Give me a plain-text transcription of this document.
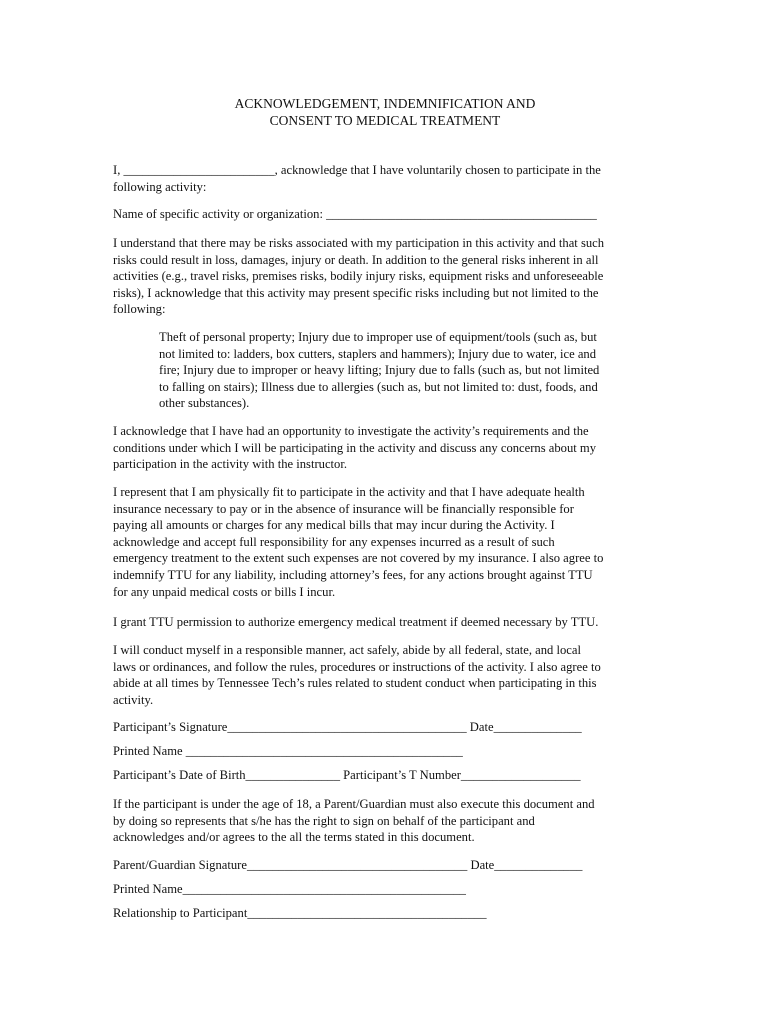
ACKNOWLEDGEMENT, INDEMNIFICATION AND
CONSENT TO MEDICAL TREATMENT
I, ________________________, acknowledge that I have voluntarily chosen to participate in the
following activity:
Name of specific activity or organization: ___________________________________________
I understand that there may be risks associated with my participation in this activity and that such
risks could result in loss, damages, injury or death. In addition to the general risks inherent in all
activities (e.g., travel risks, premises risks, bodily injury risks, equipment risks and unforeseeable
risks), I acknowledge that this activity may present specific risks including but not limited to the
following:
Theft of personal property; Injury due to improper use of equipment/tools (such as, but
not limited to: ladders, box cutters, staplers and hammers); Injury due to water, ice and
fire; Injury due to improper or heavy lifting; Injury due to falls (such as, but not limited
to falling on stairs); Illness due to allergies (such as, but not limited to: dust, foods, and
other substances).
I acknowledge that I have had an opportunity to investigate the activity’s requirements and the
conditions under which I will be participating in the activity and discuss any concerns about my
participation in the activity with the instructor.
I represent that I am physically fit to participate in the activity and that I have adequate health
insurance necessary to pay or in the absence of insurance will be financially responsible for
paying all amounts or charges for any medical bills that may incur during the Activity. I
acknowledge and accept full responsibility for any expenses incurred as a result of such
emergency treatment to the extent such expenses are not covered by my insurance. I also agree to
indemnify TTU for any liability, including attorney’s fees, for any actions brought against TTU
for any unpaid medical costs or bills I incur.
I grant TTU permission to authorize emergency medical treatment if deemed necessary by TTU.
I will conduct myself in a responsible manner, act safely, abide by all federal, state, and local
laws or ordinances, and follow the rules, procedures or instructions of the activity. I also agree to
abide at all times by Tennessee Tech’s rules related to student conduct when participating in this
activity.
Participant’s Signature______________________________________ Date______________
Printed Name ____________________________________________
Participant’s Date of Birth_______________ Participant’s T Number___________________
If the participant is under the age of 18, a Parent/Guardian must also execute this document and
by doing so represents that s/he has the right to sign on behalf of the participant and
acknowledges and/or agrees to the all the terms stated in this document.
Parent/Guardian Signature___________________________________ Date______________
Printed Name_____________________________________________
Relationship to Participant______________________________________
